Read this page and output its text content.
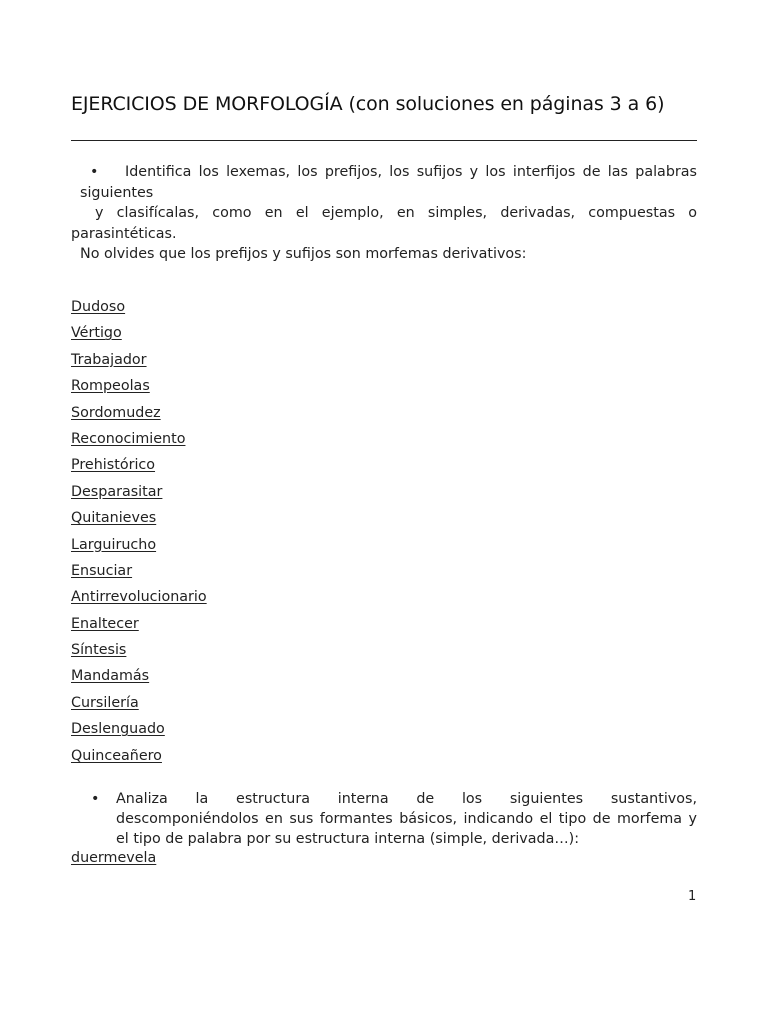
EJERCICIOS DE MORFOLOGÍA (con soluciones en páginas 3 a 6)
• Identifica los lexemas, los prefijos, los sufijos y los interfijos de las palabras
siguientes
y clasifícalas, como en el ejemplo, en simples, derivadas, compuestas o
parasintéticas.
No olvides que los prefijos y sufijos son morfemas derivativos:
Dudoso
Vértigo
Trabajador
Rompeolas
Sordomudez
Reconocimiento
Prehistórico
Desparasitar
Quitanieves
Larguirucho
Ensuciar
Antirrevolucionario
Enaltecer
Síntesis
Mandamás
Cursilería
Deslenguado
Quinceañero
• Analiza la estructura interna de los siguientes sustantivos,
descomponiéndolos en sus formantes básicos, indicando el tipo de morfema y
el tipo de palabra por su estructura interna (simple, derivada…):
duermevela
1
